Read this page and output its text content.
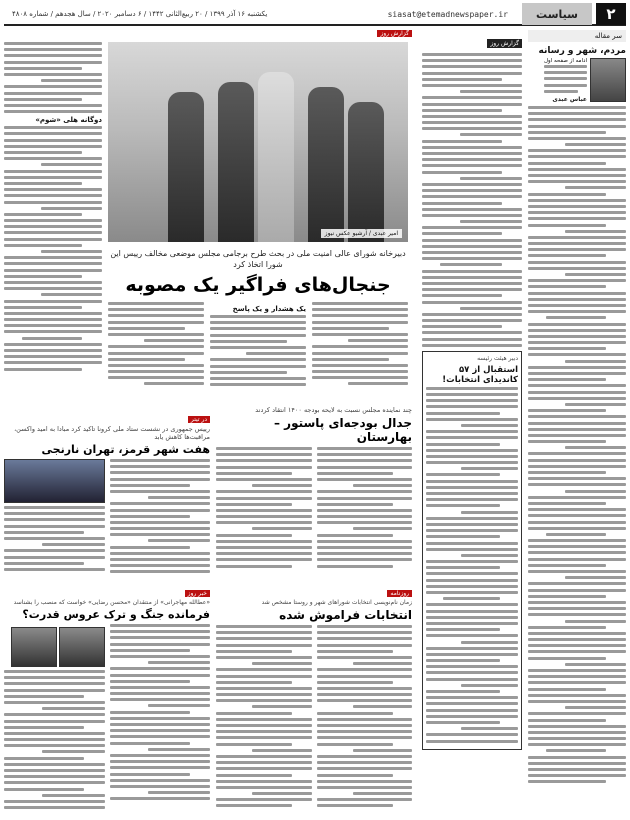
۲
سیاست
siasat@etemadnewspaper.ir
یکشنبه ۱۶ آذر ۱۳۹۹ / ۲۰ ربیع‌الثانی ۱۴۴۲ / ۶ دسامبر ۲۰۲۰ / سال هجدهم / شماره ۴۸۰۸
سر مقاله
مردم، شهر و رسانه
ادامه از صفحه اول
عباس عبدی
گزارش روز
دبیر هیئت رئیسه
استقبال از ۵۷ کاندیدای انتخابات!
گزارش روز
امیر عبدی / آرشیو عکس نیوز
دوگانه هلی «شوم»
دبیرخانه شورای عالی امنیت ملی در بحث طرح برجامی مجلس موضعی مخالف رییس این شورا اتخاذ کرد
جنجال‌های فراگیر یک مصوبه
یک هشدار و یک پاسخ
چند نماینده مجلس نسبت به لایحه بودجه ۱۴۰۰ انتقاد کردند
جدال بودجه‌ای پاستور – بهارستان
در تیتر
رییس جمهوری در نشست ستاد ملی کرونا تاکید کرد مبادا به امید واکسن، مراقبت‌ها کاهش یابد
هفت شهر قرمز، تهران نارنجی
روزنامه
زمان نام‌نویسی انتخابات شوراهای شهر و روستا مشخص شد
انتخابات فراموش شده
خبر روز
«عطالله مهاجرانی» از منتقدان «محسن رضایی» خواست که منصب را بشناسد
فرمانده جنگ و ترک عروس قدرت؟
